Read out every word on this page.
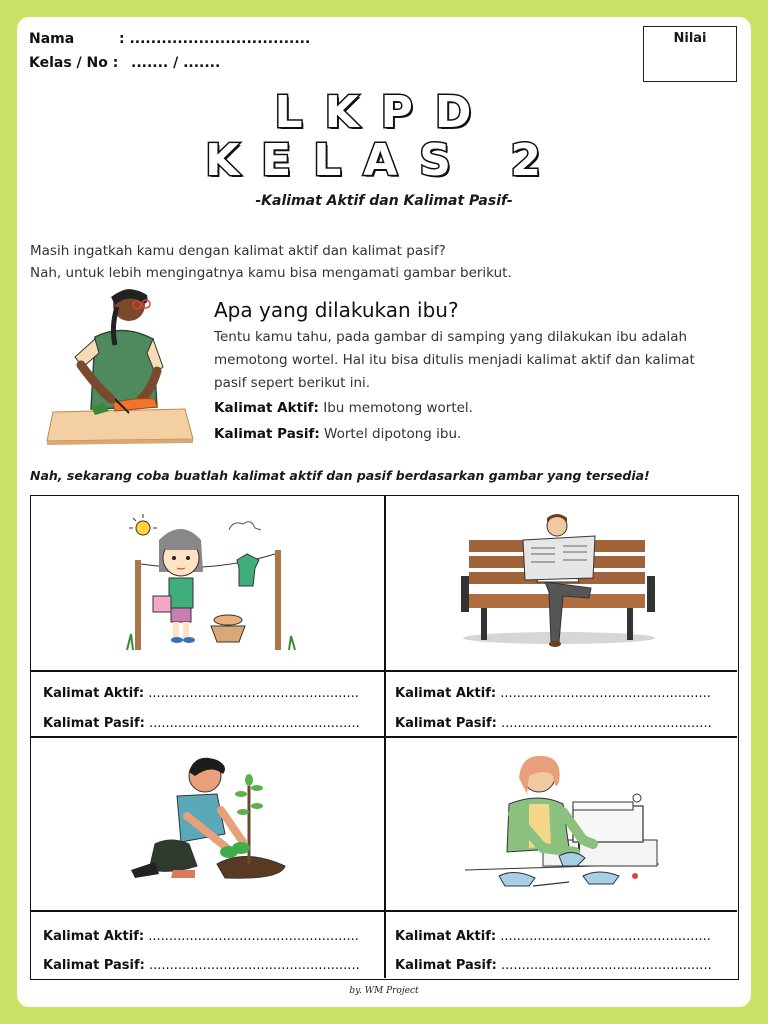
Nama	: ..................................
Kelas / No : ....... / .......
Nilai
LKPD
KELAS 2
-Kalimat Aktif dan Kalimat Pasif-
Masih ingatkah kamu dengan kalimat aktif dan kalimat pasif?
Nah, untuk lebih mengingatnya kamu bisa mengamati gambar berikut.
Apa yang dilakukan ibu?
Tentu kamu tahu, pada gambar di samping yang dilakukan ibu adalah
memotong wortel. Hal itu bisa ditulis menjadi kalimat aktif dan kalimat
pasif sepert berikut ini.
Kalimat Aktif: Ibu memotong wortel.
Kalimat Pasif: Wortel dipotong ibu.
Nah, sekarang coba buatlah kalimat aktif dan pasif berdasarkan gambar yang tersedia!
Kalimat Aktif: ...................................................
Kalimat Pasif: ...................................................
Kalimat Aktif: ...................................................
Kalimat Pasif: ...................................................
Kalimat Aktif: ...................................................
Kalimat Pasif: ...................................................
Kalimat Aktif: ...................................................
Kalimat Pasif: ...................................................
by. WM Project
